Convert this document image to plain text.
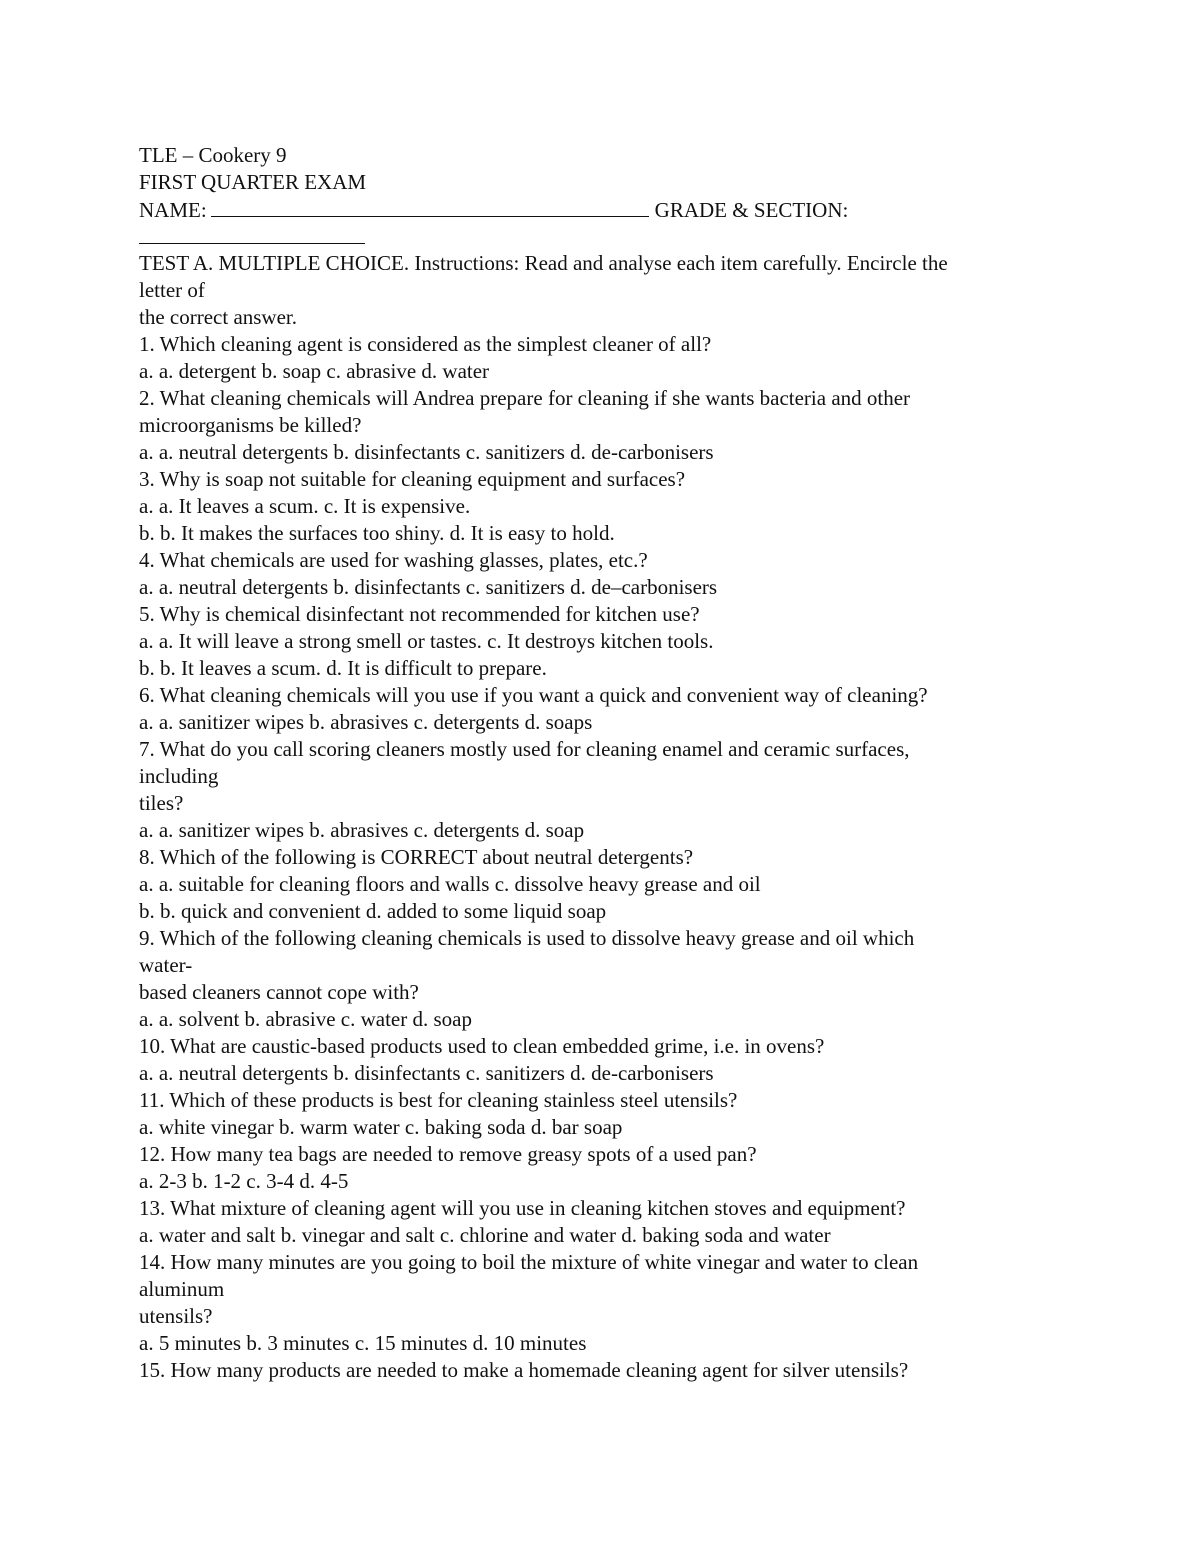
TLE – Cookery 9
FIRST QUARTER EXAM
NAME:	GRADE & SECTION:
TEST A. MULTIPLE CHOICE. Instructions: Read and analyse each item carefully. Encircle the
letter of
the correct answer.
1. Which cleaning agent is considered as the simplest cleaner of all?
a. a. detergent b. soap c. abrasive d. water
2. What cleaning chemicals will Andrea prepare for cleaning if she wants bacteria and other
microorganisms be killed?
a. a. neutral detergents b. disinfectants c. sanitizers d. de-carbonisers
3. Why is soap not suitable for cleaning equipment and surfaces?
a. a. It leaves a scum. c. It is expensive.
b. b. It makes the surfaces too shiny. d. It is easy to hold.
4. What chemicals are used for washing glasses, plates, etc.?
a. a. neutral detergents b. disinfectants c. sanitizers d. de–carbonisers
5. Why is chemical disinfectant not recommended for kitchen use?
a. a. It will leave a strong smell or tastes. c. It destroys kitchen tools.
b. b. It leaves a scum. d. It is difficult to prepare.
6. What cleaning chemicals will you use if you want a quick and convenient way of cleaning?
a. a. sanitizer wipes b. abrasives c. detergents d. soaps
7. What do you call scoring cleaners mostly used for cleaning enamel and ceramic surfaces,
including
tiles?
a. a. sanitizer wipes b. abrasives c. detergents d. soap
8. Which of the following is CORRECT about neutral detergents?
a. a. suitable for cleaning floors and walls c. dissolve heavy grease and oil
b. b. quick and convenient d. added to some liquid soap
9. Which of the following cleaning chemicals is used to dissolve heavy grease and oil which
water-
based cleaners cannot cope with?
a. a. solvent b. abrasive c. water d. soap
10. What are caustic-based products used to clean embedded grime, i.e. in ovens?
a. a. neutral detergents b. disinfectants c. sanitizers d. de-carbonisers
11. Which of these products is best for cleaning stainless steel utensils?
a. white vinegar b. warm water c. baking soda d. bar soap
12. How many tea bags are needed to remove greasy spots of a used pan?
a. 2-3 b. 1-2 c. 3-4 d. 4-5
13. What mixture of cleaning agent will you use in cleaning kitchen stoves and equipment?
a. water and salt b. vinegar and salt c. chlorine and water d. baking soda and water
14. How many minutes are you going to boil the mixture of white vinegar and water to clean
aluminum
utensils?
a. 5 minutes b. 3 minutes c. 15 minutes d. 10 minutes
15. How many products are needed to make a homemade cleaning agent for silver utensils?
